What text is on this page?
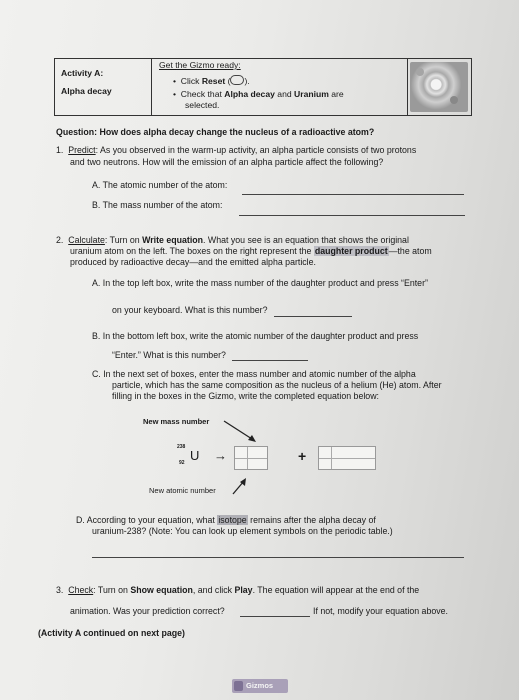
Activity A:
Alpha decay
Get the Gizmo ready:
•  Click Reset ( ).
•  Check that Alpha decay and Uranium are
selected.
Question: How does alpha decay change the nucleus of a radioactive atom?
1. Predict: As you observed in the warm-up activity, an alpha particle consists of two protons
and two neutrons. How will the emission of an alpha particle affect the following?
A. The atomic number of the atom:
B. The mass number of the atom:
2. Calculate: Turn on Write equation. What you see is an equation that shows the original
uranium atom on the left. The boxes on the right represent the daughter product—the atom
produced by radioactive decay—and the emitted alpha particle.
A. In the top left box, write the mass number of the daughter product and press “Enter”
on your keyboard. What is this number?
B. In the bottom left box, write the atomic number of the daughter product and press
“Enter.” What is this number?
C. In the next set of boxes, enter the mass number and atomic number of the alpha
particle, which has the same composition as the nucleus of a helium (He) atom. After
filling in the boxes in the Gizmo, write the completed equation below:
New mass number
238
92 U →	+
New atomic number
D. According to your equation, what isotope remains after the alpha decay of
uranium-238? (Note: You can look up element symbols on the periodic table.)
3. Check: Turn on Show equation, and click Play. The equation will appear at the end of the
animation. Was your prediction correct?	If not, modify your equation above.
(Activity A continued on next page)
Gizmos
